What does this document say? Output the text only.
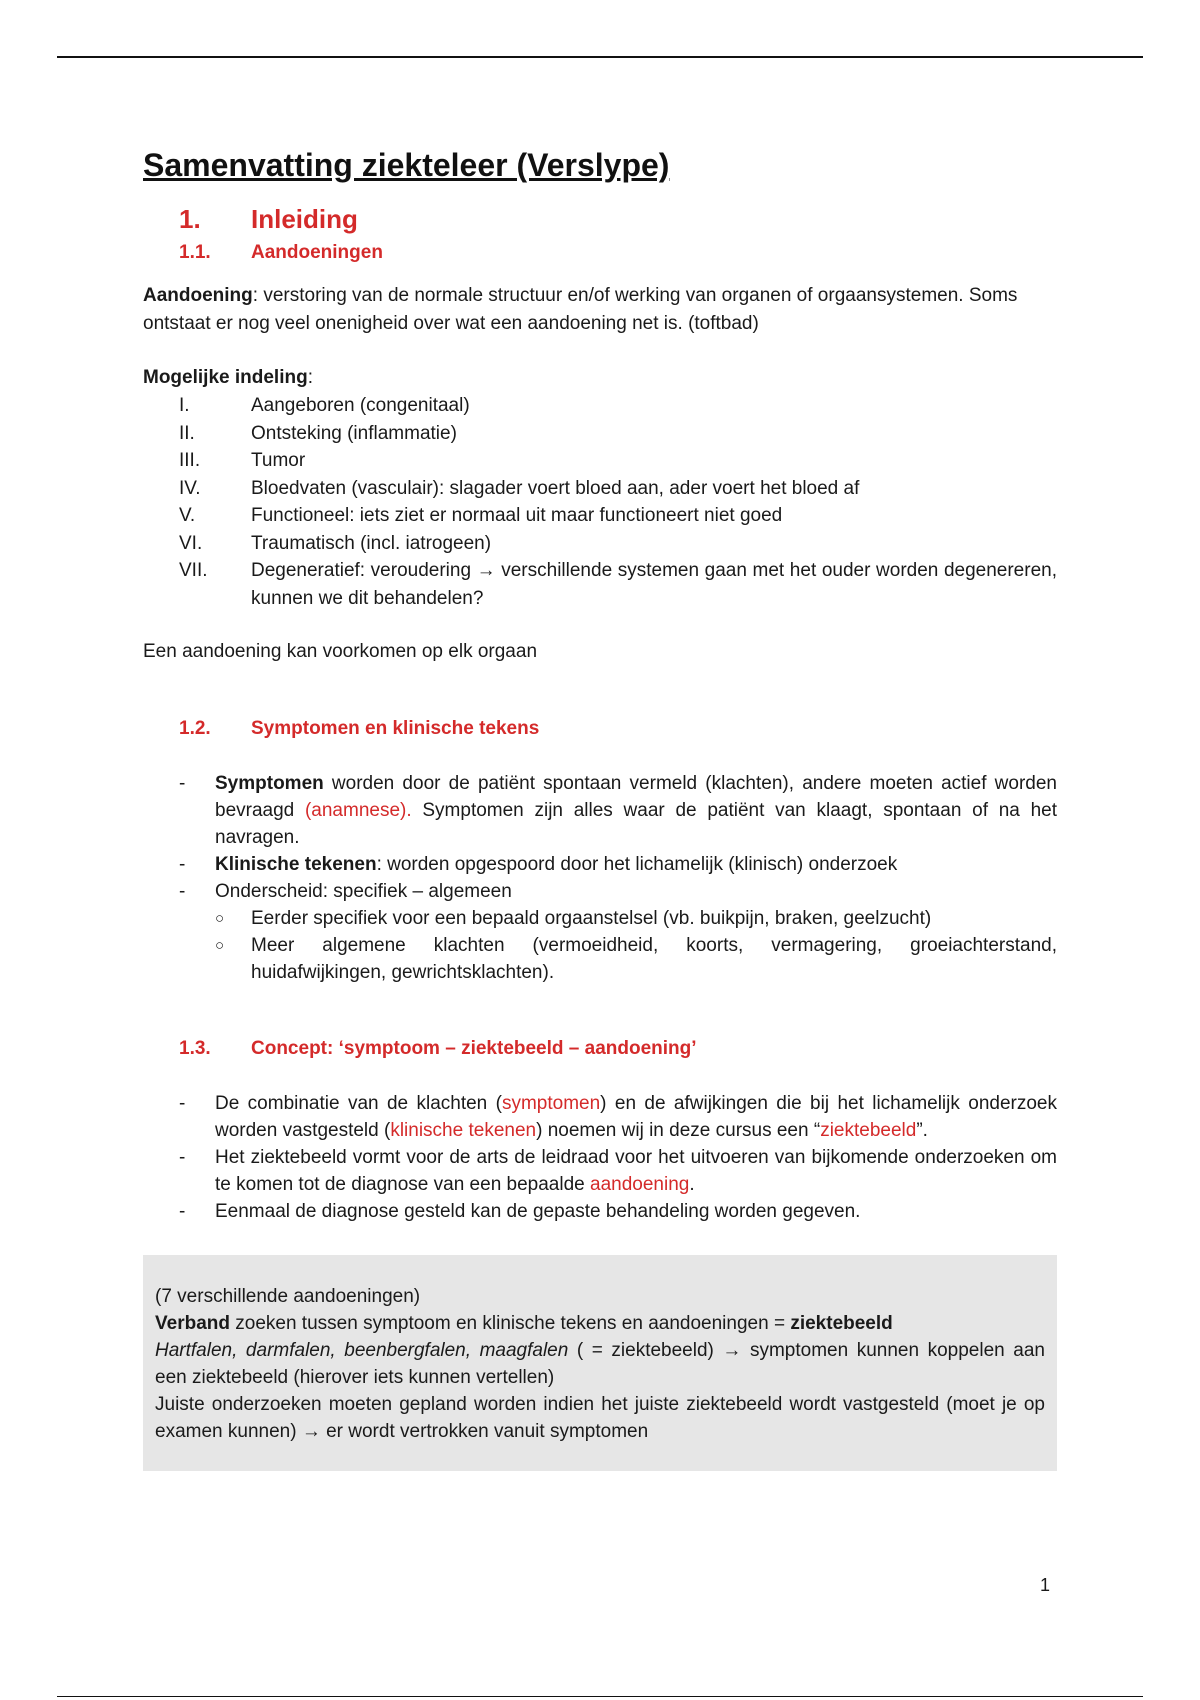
Samenvatting ziekteleer (Verslype)
1.	Inleiding
1.1.	Aandoeningen

Aandoening: verstoring van de normale structuur en/of werking van organen of orgaansystemen. Soms ontstaat er nog veel onenigheid over wat een aandoening net is. (toftbad)

Mogelijke indeling:

I.	Aangeboren (congenitaal)
II.	Ontsteking (inflammatie)
III.	Tumor
IV.	Bloedvaten (vasculair): slagader voert bloed aan, ader voert het bloed af
V.	Functioneel: iets ziet er normaal uit maar functioneert niet goed
VI.	Traumatisch (incl. iatrogeen)
VII.	Degeneratief: veroudering → verschillende systemen gaan met het ouder worden degenereren, kunnen we dit behandelen?

Een aandoening kan voorkomen op elk orgaan

1.2.	Symptomen en klinische tekens
-	Symptomen worden door de patiënt spontaan vermeld (klachten), andere moeten actief worden bevraagd (anamnese). Symptomen zijn alles waar de patiënt van klaagt, spontaan of na het navragen.
-	Klinische tekenen: worden opgespoord door het lichamelijk (klinisch) onderzoek
-	Onderscheid: specifiek – algemeen
○	Eerder specifiek voor een bepaald orgaanstelsel (vb. buikpijn, braken, geelzucht)
○	Meer algemene klachten (vermoeidheid, koorts, vermagering, groeiachterstand, huidafwijkingen, gewrichtsklachten).
1.3.	Concept: ‘symptoom – ziektebeeld – aandoening’
-	De combinatie van de klachten (symptomen) en de afwijkingen die bij het lichamelijk onderzoek worden vastgesteld (klinische tekenen) noemen wij in deze cursus een “ziektebeeld”.
-	Het ziektebeeld vormt voor de arts de leidraad voor het uitvoeren van bijkomende onderzoeken om te komen tot de diagnose van een bepaalde aandoening.
-	Eenmaal de diagnose gesteld kan de gepaste behandeling worden gegeven.

(7 verschillende aandoeningen)

Verband zoeken tussen symptoom en klinische tekens en aandoeningen = ziektebeeld

Hartfalen, darmfalen, beenbergfalen, maagfalen ( = ziektebeeld) → symptomen kunnen koppelen aan een ziektebeeld (hierover iets kunnen vertellen)

Juiste onderzoeken moeten gepland worden indien het juiste ziektebeeld wordt vastgesteld (moet je op examen kunnen) → er wordt vertrokken vanuit symptomen

1
